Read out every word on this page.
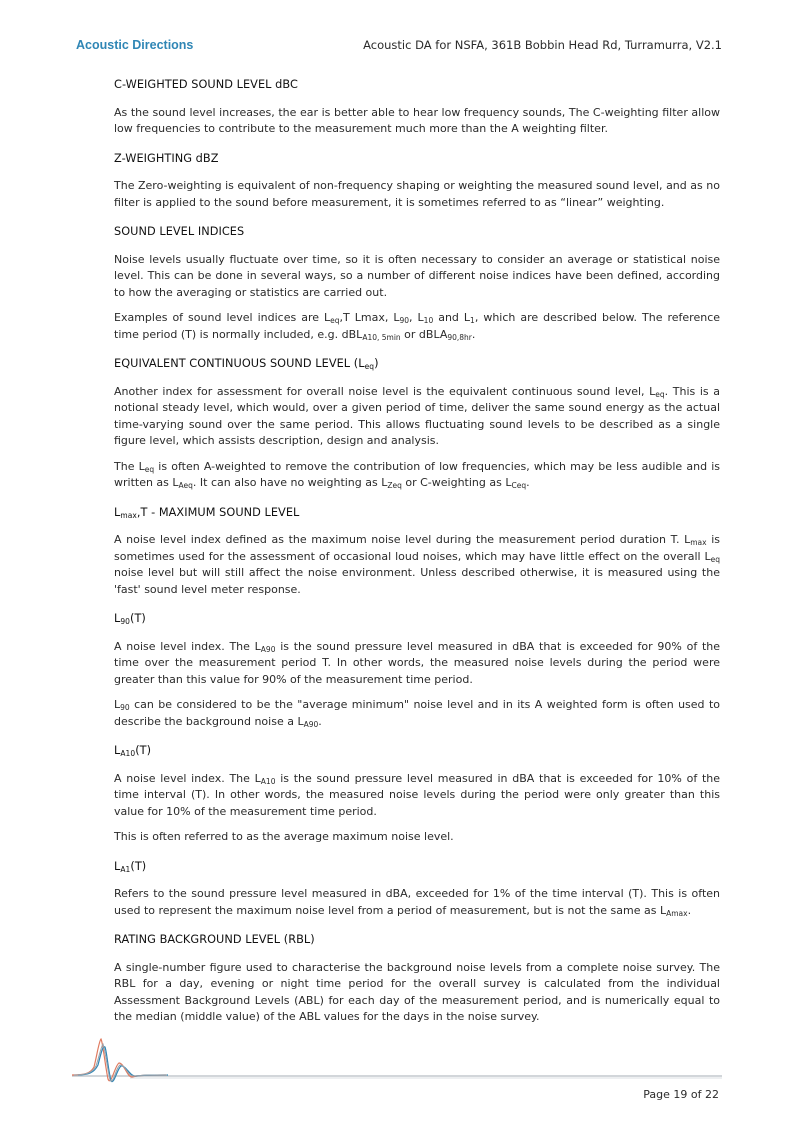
Acoustic Directions	Acoustic DA for NSFA, 361B Bobbin Head Rd, Turramurra, V2.1
C-WEIGHTED SOUND LEVEL dBC

As the sound level increases, the ear is better able to hear low frequency sounds, The C-weighting filter allow low frequencies to contribute to the measurement much more than the A weighting filter.

Z-WEIGHTING dBZ

The Zero-weighting is equivalent of non-frequency shaping or weighting the measured sound level, and as no filter is applied to the sound before measurement, it is sometimes referred to as “linear” weighting.

SOUND LEVEL INDICES

Noise levels usually fluctuate over time, so it is often necessary to consider an average or statistical noise level. This can be done in several ways, so a number of different noise indices have been defined, according to how the averaging or statistics are carried out.

Examples of sound level indices are $L_{eq},T$ Lmax, $L_{90}$, $L_{10}$ and $L_1$, which are described below. The reference time period (T) is normally included, e.g. dBL$_{A10, 5min}$ or dBLA$_{90,8hr}$.

EQUIVALENT CONTINUOUS SOUND LEVEL $(L_{eq})$

Another index for assessment for overall noise level is the equivalent continuous sound level, $L_{eq}$. This is a notional steady level, which would, over a given period of time, deliver the same sound energy as the actual time-varying sound over the same period. This allows fluctuating sound levels to be described as a single figure level, which assists description, design and analysis.

The $L_{eq}$ is often A-weighted to remove the contribution of low frequencies, which may be less audible and is written as $L_{Aeq}$. It can also have no weighting as $L_{Zeq}$ or C-weighting as $L_{Ceq}$.

$L_{max},T$ - MAXIMUM SOUND LEVEL

A noise level index defined as the maximum noise level during the measurement period duration T. $L_{max}$ is sometimes used for the assessment of occasional loud noises, which may have little effect on the overall $L_{eq}$ noise level but will still affect the noise environment. Unless described otherwise, it is measured using the 'fast' sound level meter response.

$L_{90}(T)$

A noise level index. The $L_{A90}$ is the sound pressure level measured in dBA that is exceeded for 90% of the time over the measurement period T. In other words, the measured noise levels during the period were greater than this value for 90% of the measurement time period.

$L_{90}$ can be considered to be the "average minimum" noise level and in its A weighted form is often used to describe the background noise a $L_{A90}$.

$L_{A10}(T)$

A noise level index. The $L_{A10}$ is the sound pressure level measured in dBA that is exceeded for 10% of the time interval (T). In other words, the measured noise levels during the period were only greater than this value for 10% of the measurement time period.

This is often referred to as the average maximum noise level.

$L_{A1}(T)$

Refers to the sound pressure level measured in dBA, exceeded for 1% of the time interval (T). This is often used to represent the maximum noise level from a period of measurement, but is not the same as $L_{Amax}$.

RATING BACKGROUND LEVEL (RBL)

A single-number figure used to characterise the background noise levels from a complete noise survey. The RBL for a day, evening or night time period for the overall survey is calculated from the individual Assessment Background Levels (ABL) for each day of the measurement period, and is numerically equal to the median (middle value) of the ABL values for the days in the noise survey.

Page 19 of 22
